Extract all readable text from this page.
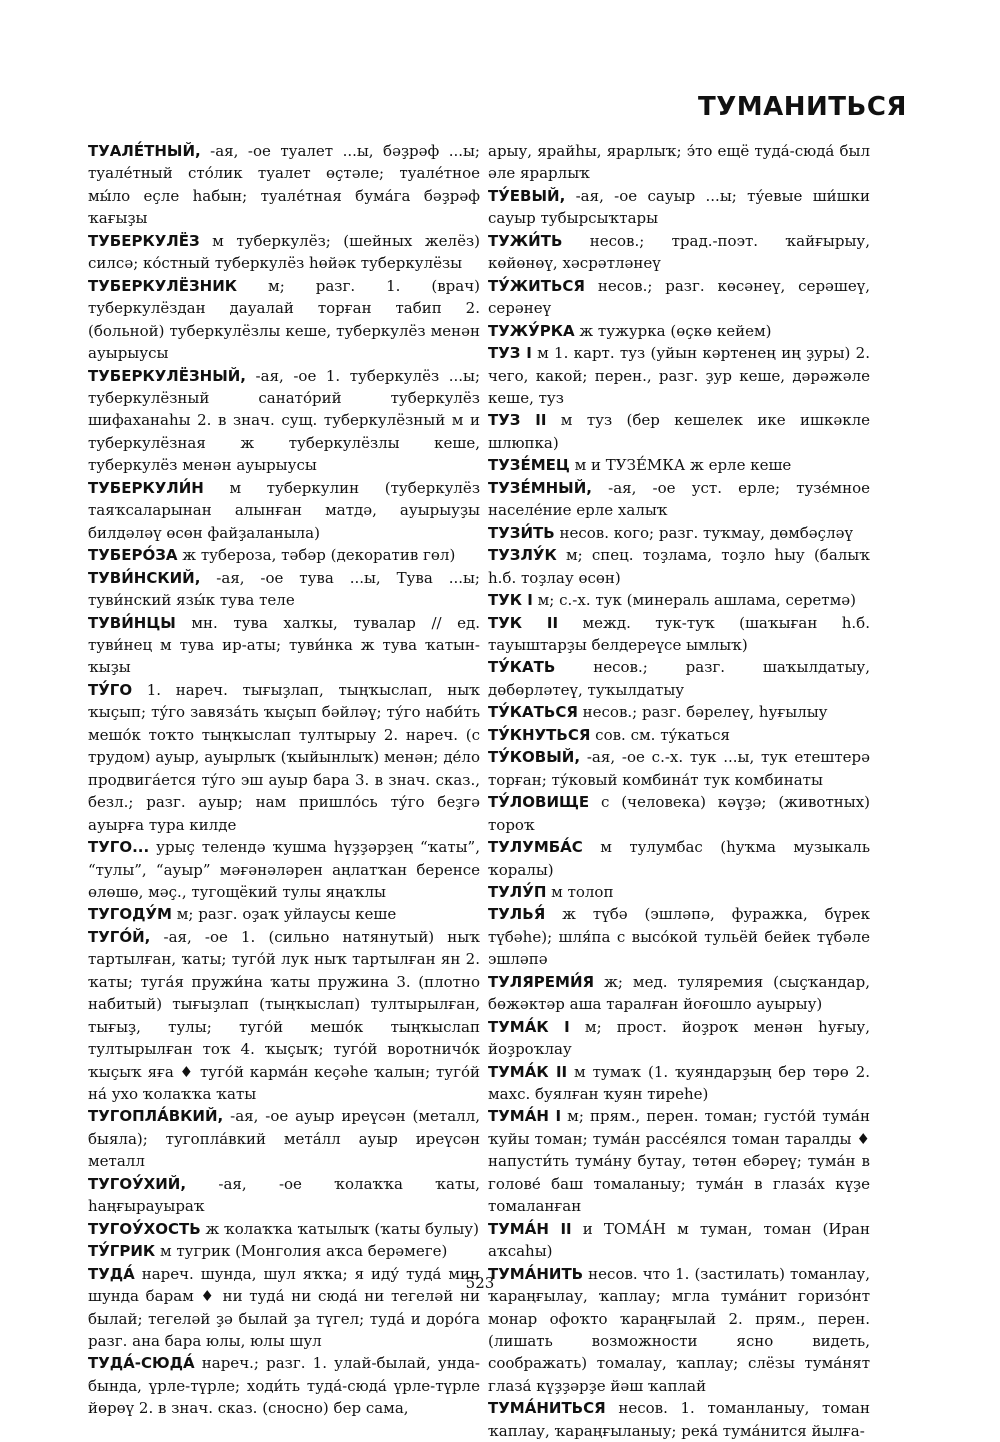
ТУМАНИТЬСЯ

ТУАЛЕ́ТНЫЙ, -ая, -ое туалет ...ы, бәҙрәф ...ы; туале́тный сто́лик туалет өҫтәле; туале́тное мы́ло еҫле һабын; туале́тная бума́га бәҙрәф ҡағыҙы

ТУБЕРКУЛЁЗ м туберкулёз; (шейных желёз) силсә; ко́стный туберкулёз һөйәк туберкулёзы

ТУБЕРКУЛЁЗНИК м; разг. 1. (врач) туберкулёздан дауалай торған табип 2. (больной) туберкулёзлы кеше, туберкулёз менән ауырыусы

ТУБЕРКУЛЁЗНЫЙ, -ая, -ое 1. туберкулёз ...ы; туберкулёзный санато́рий туберкулёз шифаханаһы 2. в знач. сущ. туберкулёзный м и туберкулёзная ж туберкулёзлы кеше, туберкулёз менән ауырыусы

ТУБЕРКУЛИ́Н м туберкулин (туберкулёз таяҡсаларынан алынған матдә, ауырыуҙы билдәләү өсөн файҙаланыла)

ТУБЕРО́ЗА ж тубероза, тәбәр (декоратив гөл)

ТУВИ́НСКИЙ, -ая, -ое тува ...ы, Тува ...ы; туви́нский язы́к тува теле

ТУВИ́НЦЫ мн. тува халҡы, тувалар // ед. туви́нец м тува ир-аты; туви́нка ж тува ҡатын-ҡыҙы

ТУ́ГО 1. нареч. тығыҙлап, тыңҡыслап, ныҡ ҡыҫып; ту́го завяза́ть ҡыҫып бәйләү; ту́го наби́ть мешо́к тоҡто тыңҡыслап тултырыу 2. нареч. (с трудом) ауыр, ауырлыҡ (ҡыйынлыҡ) менән; де́ло продвига́ется ту́го эш ауыр бара 3. в знач. сказ., безл.; разг. ауыр; нам пришло́сь ту́го беҙгә ауырға тура килде

ТУГО... урыҫ телендә ҡушма һүҙҙәрҙең “ҡаты”, “тулы”, “ауыр” мәғәнәләрен аңлатҡан беренсе өлөшө, мәҫ., тугощёкий тулы яңаҡлы

ТУГОДУ́М м; разг. оҙаҡ уйлаусы кеше

ТУГО́Й, -ая, -ое 1. (сильно натянутый) ныҡ тартылған, ҡаты; туго́й лук ныҡ тартылған ян 2. ҡаты; туга́я пружи́на ҡаты пружина 3. (плотно набитый) тығыҙлап (тыңҡыслап) тултырылған, тығыҙ, тулы; туго́й мешо́к тыңҡыслап тултырылған тоҡ 4. ҡыҫыҡ; туго́й воротничо́к ҡыҫыҡ яға ♦ туго́й карма́н кеҫәһе ҡалын; туго́й на́ ухо ҡолаҡҡа ҡаты

ТУГОПЛА́ВКИЙ, -ая, -ое ауыр иреүсән (металл, быяла); тугопла́вкий мета́лл ауыр иреүсән металл

ТУГОУ́ХИЙ, -ая, -ое ҡолаҡҡа ҡаты, һаңғырауыраҡ

ТУГОУ́ХОСТЬ ж ҡолаҡҡа ҡатылыҡ (ҡаты булыу)

ТУ́ГРИК м тугрик (Монголия аҡса берәмеге)

ТУДА́ нареч. шунда, шул яҡҡа; я иду́ туда́ мин шунда барам ♦ ни туда́ ни сюда́ ни тегеләй ни былай; тегеләй ҙә былай ҙа түгел; туда́ и доро́га разг. ана бара юлы, юлы шул

ТУДА́-СЮДА́ нареч.; разг. 1. улай-былай, унда-бында, үрле-түрле; ходи́ть туда́-сюда́ үрле-түрле йөрөү 2. в знач. сказ. (сносно) бер сама,

арыу, ярайһы, ярарлыҡ; э́то ещё туда́-сюда́ был әле ярарлыҡ

ТУ́ЕВЫЙ, -ая, -ое сауыр ...ы; ту́евые ши́шки сауыр тубырсыҡтары

ТУЖИ́ТЬ несов.; трад.-поэт. ҡайғырыу, көйөнөү, хәсрәтләнеү

ТУ́ЖИТЬСЯ несов.; разг. көсәнеү, серәшеү, серәнеү

ТУЖУ́РКА ж тужурка (өҫкө кейем)

ТУЗ I м 1. карт. туз (уйын кәртенең иң ҙуры) 2. чего, какой; перен., разг. ҙур кеше, дәрәжәле кеше, туз

ТУЗ II м туз (бер кешелек ике ишкәкле шлюпка)

ТУЗЕ́МЕЦ м и ТУЗЕ́МКА ж ерле кеше

ТУЗЕ́МНЫЙ, -ая, -ое уст. ерле; тузе́мное населе́ние ерле халыҡ

ТУЗИ́ТЬ несов. кого; разг. туҡмау, дөмбәҫләү

ТУЗЛУ́К м; спец. тоҙлама, тоҙло һыу (балыҡ һ.б. тоҙлау өсөн)

ТУК I м; с.-х. тук (минераль ашлама, серетмә)

ТУК II межд. тук-туҡ (шаҡыған һ.б. тауыштарҙы белдереүсе ымлыҡ)

ТУ́КАТЬ несов.; разг. шаҡылдатыу, дөбөрләтеү, туҡылдатыу

ТУ́КАТЬСЯ несов.; разг. бәрелеү, һуғылыу

ТУ́КНУТЬСЯ сов. см. ту́каться

ТУ́КОВЫЙ, -ая, -ое с.-х. тук ...ы, тук етештерә торған; ту́ковый комбина́т тук комбинаты

ТУ́ЛОВИЩЕ с (человека) кәүҙә; (животных) тороҡ

ТУЛУМБА́С м тулумбас (һуҡма музыкаль ҡоралы)

ТУЛУ́П м толоп

ТУЛЬЯ́ ж түбә (эшләпә, фуражка, бүрек түбәһе); шля́па с высо́кой тульёй бейек түбәле эшләпә

ТУЛЯРЕМИ́Я ж; мед. туляремия (сыҫҡандар, бөжәктәр аша таралған йоғошло ауырыу)

ТУМА́К I м; прост. йоҙроҡ менән һуғыу, йоҙроҡлау

ТУМА́К II м тумаҡ (1. ҡуяндарҙың бер төрө 2. махс. буялған ҡуян тиреһе)

ТУМА́Н I м; прям., перен. томан; густо́й тума́н ҡуйы томан; тума́н рассе́ялся томан таралды ♦ напусти́ть тума́ну бутау, төтөн ебәреү; тума́н в голове́ баш томаланыу; тума́н в глаза́х күҙе томаланған

ТУМА́Н II и ТОМА́Н м туман, томан (Иран аҡсаһы)

ТУМА́НИТЬ несов. что 1. (застилать) томанлау, ҡараңғылау, ҡаплау; мгла тума́нит горизо́нт монар офоҡто ҡараңғылай 2. прям., перен. (лишать возможности ясно видеть, соображать) томалау, ҡаплау; слёзы тума́нят глаза́ күҙҙәрҙе йәш ҡаплай

ТУМА́НИТЬСЯ несов. 1. томанланыу, томан ҡаплау, ҡараңғыланыу; река́ тума́нится йылға-

523
